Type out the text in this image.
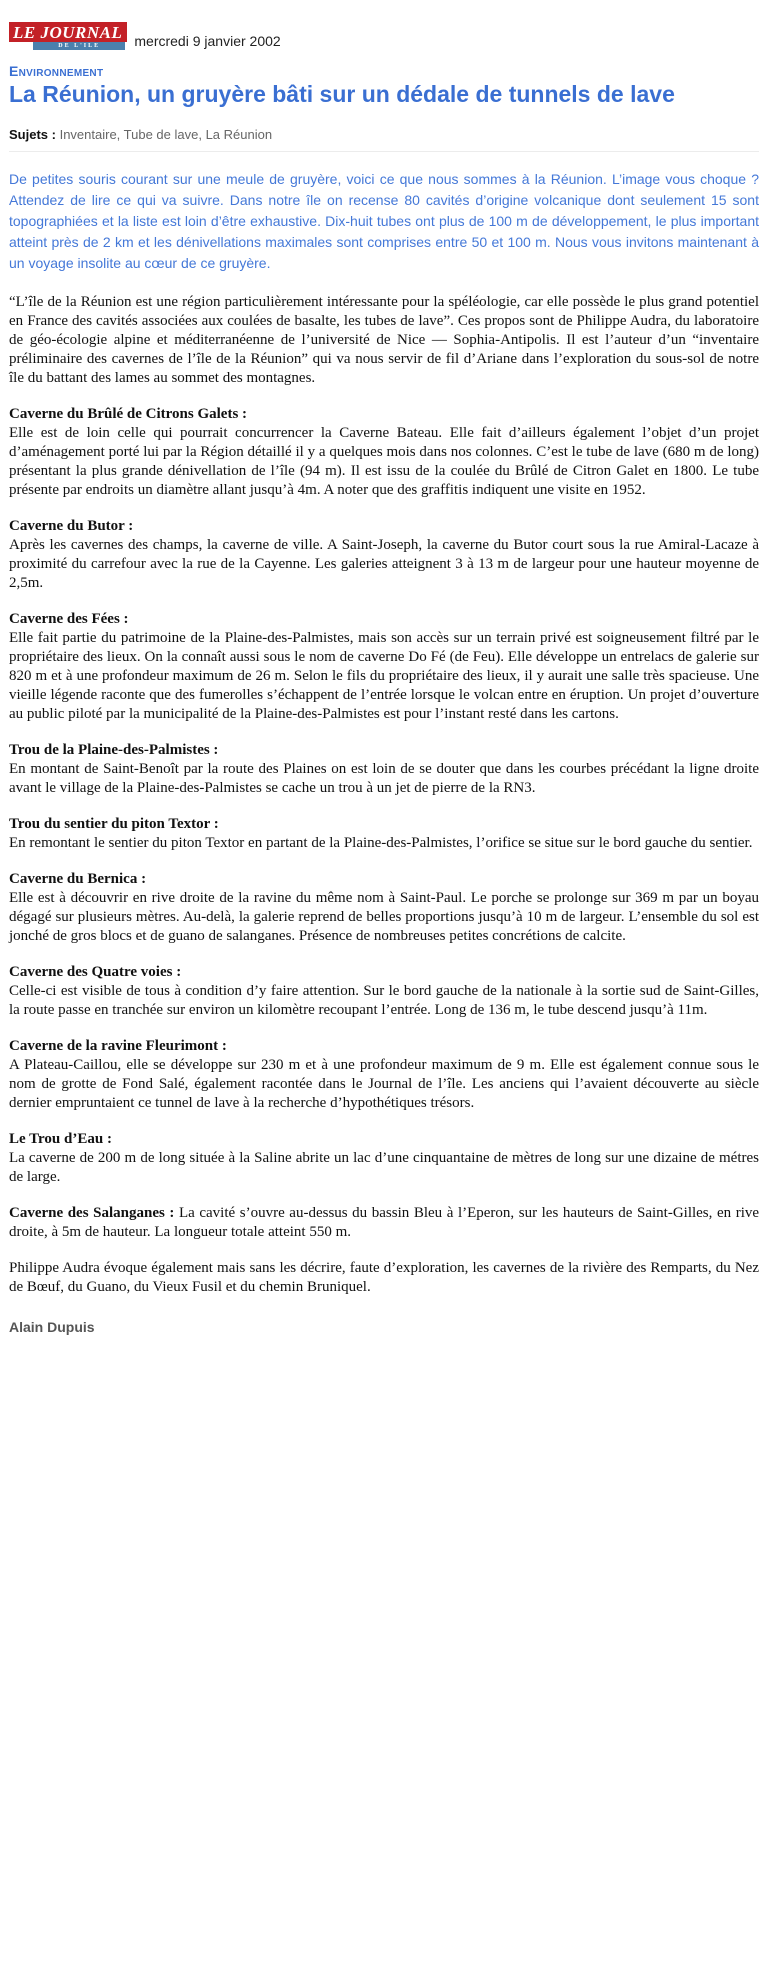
LE JOURNAL
DE L'ILE	mercredi 9 janvier 2002
Environnement
La Réunion, un gruyère bâti sur un dédale de tunnels de lave
Sujets : Inventaire, Tube de lave, La Réunion

De petites souris courant sur une meule de gruyère, voici ce que nous sommes à la Réunion. L’image vous choque ? Attendez de lire ce qui va suivre. Dans notre île on recense 80 cavités d’origine volcanique dont seulement 15 sont topographiées et la liste est loin d’être exhaustive. Dix-huit tubes ont plus de 100 m de développement, le plus important atteint près de 2 km et les dénivellations maximales sont comprises entre 50 et 100 m. Nous vous invitons maintenant à un voyage insolite au cœur de ce gruyère.

“L’île de la Réunion est une région particulièrement intéressante pour la spéléologie, car elle possède le plus grand potentiel en France des cavités associées aux coulées de basalte, les tubes de lave”. Ces propos sont de Philippe Audra, du laboratoire de géo-écologie alpine et méditerranéenne de l’université de Nice — Sophia-Antipolis. Il est l’auteur d’un “inventaire préliminaire des cavernes de l’île de la Réunion” qui va nous servir de fil d’Ariane dans l’exploration du sous-sol de notre île du battant des lames au sommet des montagnes.

Caverne du Brûlé de Citrons Galets :

Elle est de loin celle qui pourrait concurrencer la Caverne Bateau. Elle fait d’ailleurs également l’objet d’un projet d’aménagement porté lui par la Région détaillé il y a quelques mois dans nos colonnes. C’est le tube de lave (680 m de long) présentant la plus grande dénivellation de l’île (94 m). Il est issu de la coulée du Brûlé de Citron Galet en 1800. Le tube présente par endroits un diamètre allant jusqu’à 4m. A noter que des graffitis indiquent une visite en 1952.

Caverne du Butor :

Après les cavernes des champs, la caverne de ville. A Saint-Joseph, la caverne du Butor court sous la rue Amiral-Lacaze à proximité du carrefour avec la rue de la Cayenne. Les galeries atteignent 3 à 13 m de largeur pour une hauteur moyenne de 2,5m.

Caverne des Fées :

Elle fait partie du patrimoine de la Plaine-des-Palmistes, mais son accès sur un terrain privé est soigneusement filtré par le propriétaire des lieux. On la connaît aussi sous le nom de caverne Do Fé (de Feu). Elle développe un entrelacs de galerie sur 820 m et à une profondeur maximum de 26 m. Selon le fils du propriétaire des lieux, il y aurait une salle très spacieuse. Une vieille légende raconte que des fumerolles s’échappent de l’entrée lorsque le volcan entre en éruption. Un projet d’ouverture au public piloté par la municipalité de la Plaine-des-Palmistes est pour l’instant resté dans les cartons.

Trou de la Plaine-des-Palmistes :

En montant de Saint-Benoît par la route des Plaines on est loin de se douter que dans les courbes précédant la ligne droite avant le village de la Plaine-des-Palmistes se cache un trou à un jet de pierre de la RN3.

Trou du sentier du piton Textor :

En remontant le sentier du piton Textor en partant de la Plaine-des-Palmistes, l’orifice se situe sur le bord gauche du sentier.

Caverne du Bernica :

Elle est à découvrir en rive droite de la ravine du même nom à Saint-Paul. Le porche se prolonge sur 369 m par un boyau dégagé sur plusieurs mètres. Au-delà, la galerie reprend de belles proportions jusqu’à 10 m de largeur. L’ensemble du sol est jonché de gros blocs et de guano de salanganes. Présence de nombreuses petites concrétions de calcite.

Caverne des Quatre voies :

Celle-ci est visible de tous à condition d’y faire attention. Sur le bord gauche de la nationale à la sortie sud de Saint-Gilles, la route passe en tranchée sur environ un kilomètre recoupant l’entrée. Long de 136 m, le tube descend jusqu’à 11m.

Caverne de la ravine Fleurimont :

A Plateau-Caillou, elle se développe sur 230 m et à une profondeur maximum de 9 m. Elle est également connue sous le nom de grotte de Fond Salé, également racontée dans le Journal de l’île. Les anciens qui l’avaient découverte au siècle dernier empruntaient ce tunnel de lave à la recherche d’hypothétiques trésors.

Le Trou d’Eau :

La caverne de 200 m de long située à la Saline abrite un lac d’une cinquantaine de mètres de long sur une dizaine de métres de large.

Caverne des Salanganes : La cavité s’ouvre au-dessus du bassin Bleu à l’Eperon, sur les hauteurs de Saint-Gilles, en rive droite, à 5m de hauteur. La longueur totale atteint 550 m.

Philippe Audra évoque également mais sans les décrire, faute d’exploration, les cavernes de la rivière des Remparts, du Nez de Bœuf, du Guano, du Vieux Fusil et du chemin Bruniquel.

Alain Dupuis
